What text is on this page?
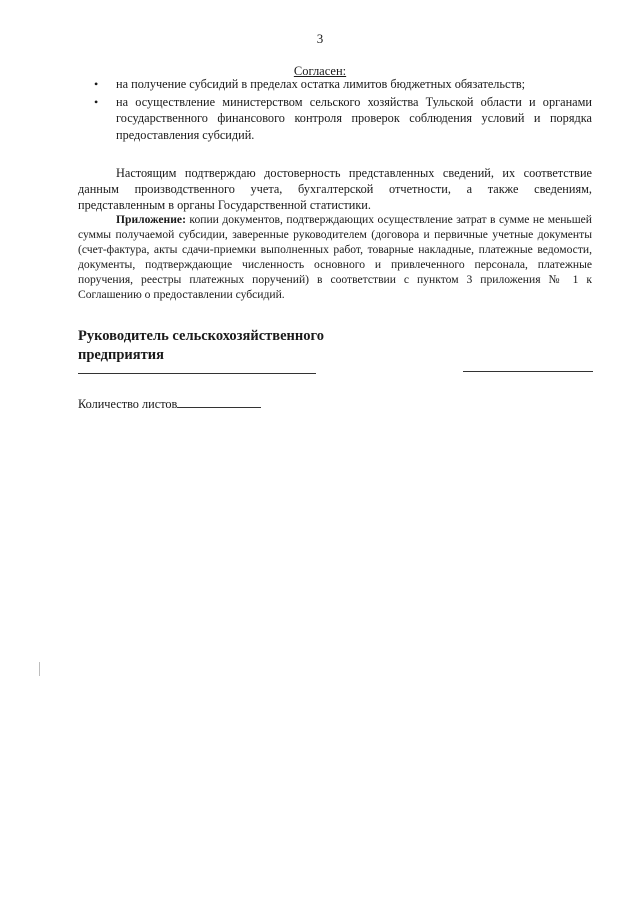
3
Согласен:
• на получение субсидий в пределах остатка лимитов бюджетных обязательств;
• на осуществление министерством сельского хозяйства Тульской области и органами государственного финансового контроля проверок соблюдения условий и порядка предоставления субсидий.

Настоящим подтверждаю достоверность представленных сведений, их соответствие данным производственного учета, бухгалтерской отчетности, а также сведениям, представленным в органы Государственной статистики.

Приложение: копии документов, подтверждающих осуществление затрат в сумме не меньшей суммы получаемой субсидии, заверенные руководителем (договора и первичные учетные документы (счет-фактура, акты сдачи-приемки выполненных работ, товарные накладные, платежные ведомости, документы, подтверждающие численность основного и привлеченного персонала, платежные поручения, реестры платежных поручений) в соответствии с пунктом 3 приложения № 1 к Соглашению о предоставлении субсидий.

Руководитель сельскохозяйственного предприятия

Количество листов
